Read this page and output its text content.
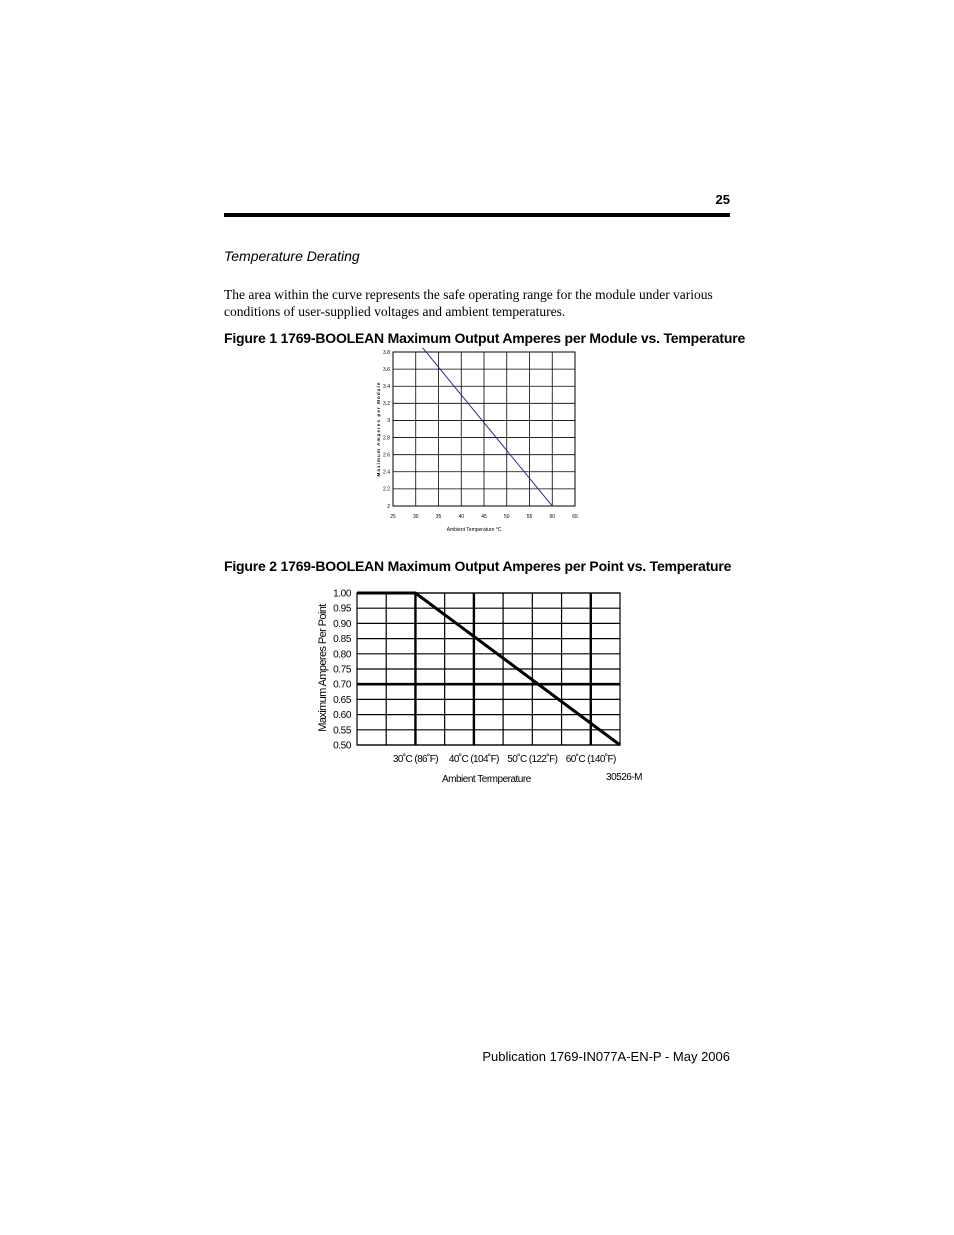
25
Temperature Derating
The area within the curve represents the safe operating range for the module under various conditions of user-supplied voltages and ambient temperatures.
Figure 1 1769-BOOLEAN Maximum Output Amperes per Module vs. Temperature
2
2.2
2.4
2.6
2.8
3
3.2
3.4
3.6
3.8
25	30	35	40	45	50	55	60	65
Ambient Temperature °C
Maximum Amperes per Module
Figure 2 1769-BOOLEAN Maximum Output Amperes per Point vs. Temperature
1.00
0.95
0.90
0.85
0.80
0.75
0.70
0.65
0.60
0.55
0.50
30˚C (86˚F) 40˚C (104˚F) 50˚C (122˚F) 60˚C (140˚F)
Ambient Termperature	30526-M
Maximum Amperes Per Point
Publication 1769-IN077A-EN-P - May 2006
